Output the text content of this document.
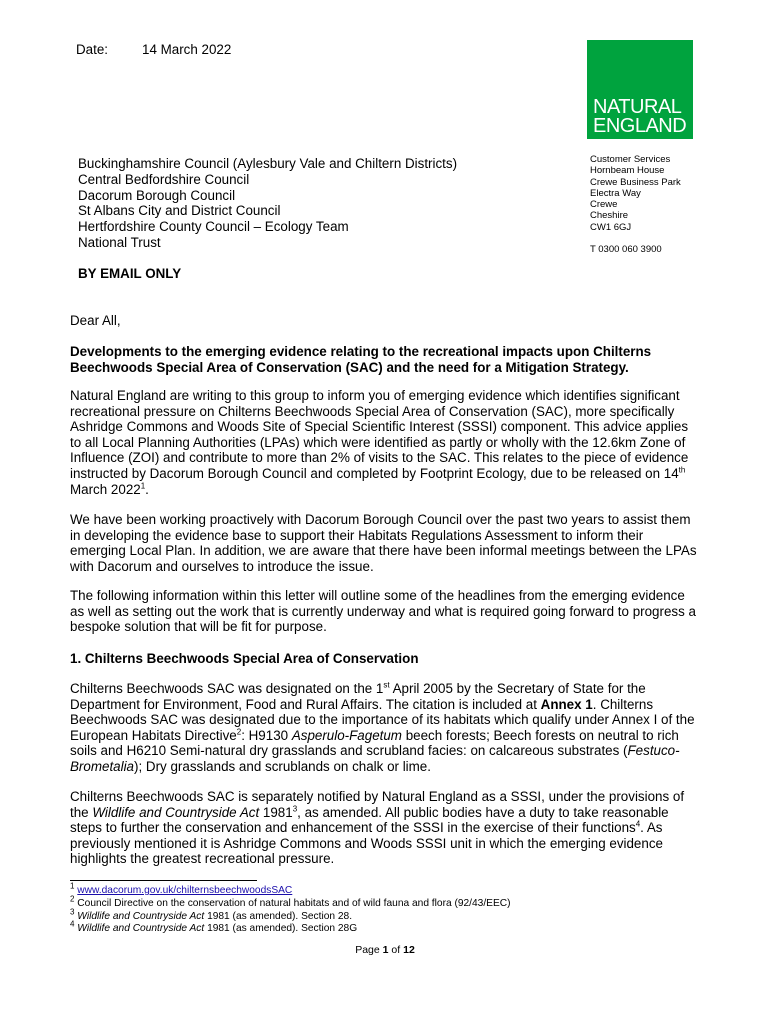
Date:	14 March 2022
NATURAL
ENGLAND
Buckinghamshire Council (Aylesbury Vale and Chiltern Districts)
Central Bedfordshire Council
Dacorum Borough Council
St Albans City and District Council
Hertfordshire County Council – Ecology Team
National Trust
Customer Services
Hornbeam House
Crewe Business Park
Electra Way
Crewe
Cheshire
CW1 6GJ
T 0300 060 3900
BY EMAIL ONLY
Dear All,
Developments to the emerging evidence relating to the recreational impacts upon Chilterns Beechwoods Special Area of Conservation (SAC) and the need for a Mitigation Strategy.
Natural England are writing to this group to inform you of emerging evidence which identifies significant recreational pressure on Chilterns Beechwoods Special Area of Conservation (SAC), more specifically Ashridge Commons and Woods Site of Special Scientific Interest (SSSI) component. This advice applies to all Local Planning Authorities (LPAs) which were identified as partly or wholly with the 12.6km Zone of Influence (ZOI) and contribute to more than 2% of visits to the SAC. This relates to the piece of evidence instructed by Dacorum Borough Council and completed by Footprint Ecology, due to be released on 14th March 2022$^1$.
We have been working proactively with Dacorum Borough Council over the past two years to assist them in developing the evidence base to support their Habitats Regulations Assessment to inform their emerging Local Plan. In addition, we are aware that there have been informal meetings between the LPAs with Dacorum and ourselves to introduce the issue.
The following information within this letter will outline some of the headlines from the emerging evidence as well as setting out the work that is currently underway and what is required going forward to progress a bespoke solution that will be fit for purpose.
1. Chilterns Beechwoods Special Area of Conservation
Chilterns Beechwoods SAC was designated on the 1st April 2005 by the Secretary of State for the Department for Environment, Food and Rural Affairs. The citation is included at Annex 1. Chilterns Beechwoods SAC was designated due to the importance of its habitats which qualify under Annex I of the European Habitats Directive$^2$: H9130 Asperulo-Fagetum beech forests; Beech forests on neutral to rich soils and H6210 Semi-natural dry grasslands and scrubland facies: on calcareous substrates (Festuco-Brometalia); Dry grasslands and scrublands on chalk or lime.
Chilterns Beechwoods SAC is separately notified by Natural England as a SSSI, under the provisions of the Wildlife and Countryside Act 1981$^3$, as amended. All public bodies have a duty to take reasonable steps to further the conservation and enhancement of the SSSI in the exercise of their functions$^4$. As previously mentioned it is Ashridge Commons and Woods SSSI unit in which the emerging evidence highlights the greatest recreational pressure.
$^1$ www.dacorum.gov.uk/chilternsbeechwoodsSAC
$^2$ Council Directive on the conservation of natural habitats and of wild fauna and flora (92/43/EEC)
$^3$ Wildlife and Countryside Act 1981 (as amended). Section 28.
$^4$ Wildlife and Countryside Act 1981 (as amended). Section 28G
Page 1 of 12
